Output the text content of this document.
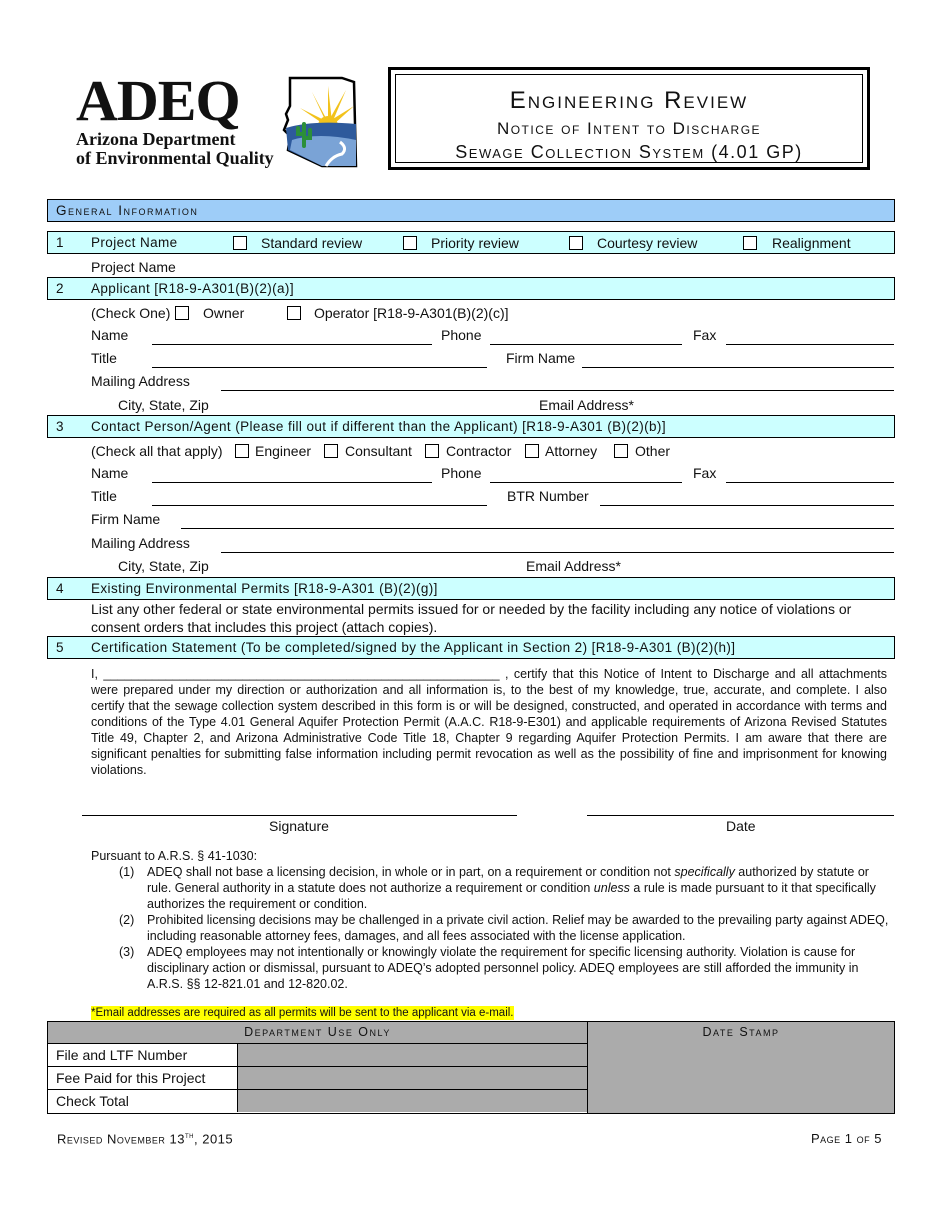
ADEQ
Arizona Department
of Environmental Quality
Engineering Review
Notice of Intent to Discharge
Sewage Collection System (4.01 GP)
General Information
1 Project Name	Standard review	Priority review	Courtesy review	Realignment
Project Name
2 Applicant [R18-9-A301(B)(2)(a)]
(Check One) Owner	Operator [R18-9-A301(B)(2)(c)]
Name	Phone	Fax
Title	Firm Name
Mailing Address
City, State, Zip	Email Address*
3 Contact Person/Agent (Please fill out if different than the Applicant) [R18-9-A301 (B)(2)(b)]
(Check all that apply) Engineer Consultant Contractor Attorney	Other
Name	Phone	Fax
Title	BTR Number
Firm Name
Mailing Address
City, State, Zip	Email Address*
4 Existing Environmental Permits [R18-9-A301 (B)(2)(g)]
List any other federal or state environmental permits issued for or needed by the facility including any notice of violations or
consent orders that includes this project (attach copies).
5 Certification Statement (To be completed/signed by the Applicant in Section 2) [R18-9-A301 (B)(2)(h)]
I, _________________________________________________________ , certify that this Notice of Intent to Discharge and all attachments were prepared under my direction or authorization and all information is, to the best of my knowledge, true, accurate, and complete. I also certify that the sewage collection system described in this form is or will be designed, constructed, and operated in accordance with terms and conditions of the Type 4.01 General Aquifer Protection Permit (A.A.C. R18-9-E301) and applicable requirements of Arizona Revised Statutes Title 49, Chapter 2, and Arizona Administrative Code Title 18, Chapter 9 regarding Aquifer Protection Permits. I am aware that there are significant penalties for submitting false information including permit revocation as well as the possibility of fine and imprisonment for knowing violations.
Signature	Date
Pursuant to A.R.S. § 41-1030:
(1) ADEQ shall not base a licensing decision, in whole or in part, on a requirement or condition not specifically authorized by statute or rule. General authority in a statute does not authorize a requirement or condition unless a rule is made pursuant to it that specifically authorizes the requirement or condition.
(2) Prohibited licensing decisions may be challenged in a private civil action. Relief may be awarded to the prevailing party against ADEQ, including reasonable attorney fees, damages, and all fees associated with the license application.
(3) ADEQ employees may not intentionally or knowingly violate the requirement for specific licensing authority. Violation is cause for disciplinary action or dismissal, pursuant to ADEQ’s adopted personnel policy. ADEQ employees are still afforded the immunity in A.R.S. §§ 12-821.01 and 12-820.02.
*Email addresses are required as all permits will be sent to the applicant via e-mail.
Department Use Only
File and LTF Number
Fee Paid for this Project
Check Total
Date Stamp
Revised November 13th, 2015	Page 1 of 5
